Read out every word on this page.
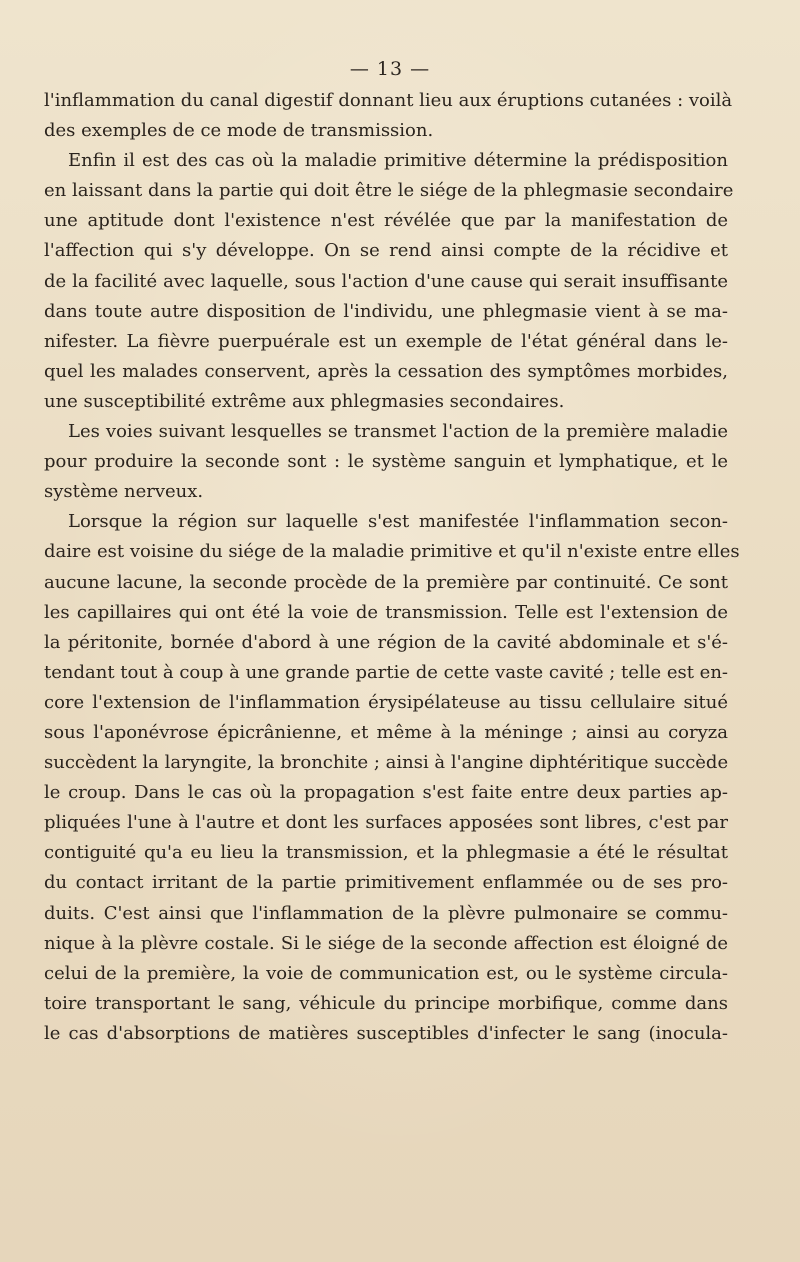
— 13 —
l'inflammation du canal digestif donnant lieu aux éruptions cutanées : voilà
des exemples de ce mode de transmission.
Enfin il est des cas où la maladie primitive détermine la prédisposition
en laissant dans la partie qui doit être le siége de la phlegmasie secondaire
une aptitude dont l'existence n'est révélée que par la manifestation de
l'affection qui s'y développe. On se rend ainsi compte de la récidive et
de la facilité avec laquelle, sous l'action d'une cause qui serait insuffisante
dans toute autre disposition de l'individu, une phlegmasie vient à se ma-
nifester. La fièvre puerpuérale est un exemple de l'état général dans le-
quel les malades conservent, après la cessation des symptômes morbides,
une susceptibilité extrême aux phlegmasies secondaires.
Les voies suivant lesquelles se transmet l'action de la première maladie
pour produire la seconde sont : le système sanguin et lymphatique, et le
système nerveux.
Lorsque la région sur laquelle s'est manifestée l'inflammation secon-
daire est voisine du siége de la maladie primitive et qu'il n'existe entre elles
aucune lacune, la seconde procède de la première par continuité. Ce sont
les capillaires qui ont été la voie de transmission. Telle est l'extension de
la péritonite, bornée d'abord à une région de la cavité abdominale et s'é-
tendant tout à coup à une grande partie de cette vaste cavité ; telle est en-
core l'extension de l'inflammation érysipélateuse au tissu cellulaire situé
sous l'aponévrose épicrânienne, et même à la méninge ; ainsi au coryza
succèdent la laryngite, la bronchite ; ainsi à l'angine diphtéritique succède
le croup. Dans le cas où la propagation s'est faite entre deux parties ap-
pliquées l'une à l'autre et dont les surfaces apposées sont libres, c'est par
contiguité qu'a eu lieu la transmission, et la phlegmasie a été le résultat
du contact irritant de la partie primitivement enflammée ou de ses pro-
duits. C'est ainsi que l'inflammation de la plèvre pulmonaire se commu-
nique à la plèvre costale. Si le siége de la seconde affection est éloigné de
celui de la première, la voie de communication est, ou le système circula-
toire transportant le sang, véhicule du principe morbifique, comme dans
le cas d'absorptions de matières susceptibles d'infecter le sang (inocula-
